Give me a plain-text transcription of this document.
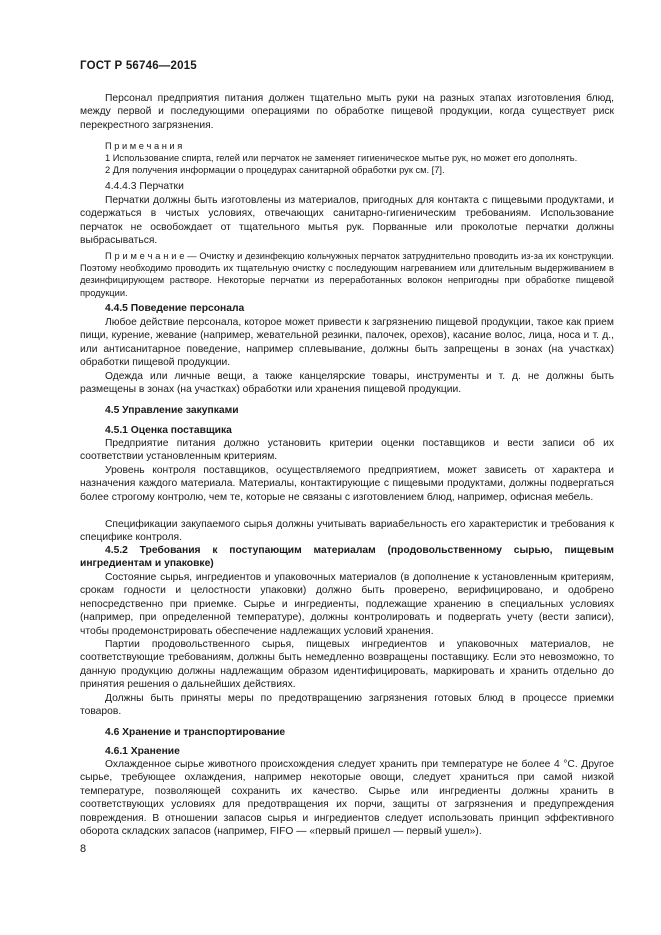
ГОСТ Р 56746—2015

Персонал предприятия питания должен тщательно мыть руки на разных этапах изготовления блюд, между первой и последующими операциями по обработке пищевой продукции, когда существует риск перекрестного загрязнения.

П р и м е ч а н и я

1 Использование спирта, гелей или перчаток не заменяет гигиеническое мытье рук, но может его дополнять.

2 Для получения информации о процедурах санитарной обработки рук см. [7].

4.4.4.3 Перчатки

Перчатки должны быть изготовлены из материалов, пригодных для контакта с пищевыми продуктами, и содержаться в чистых условиях, отвечающих санитарно-гигиеническим требованиям. Использование перчаток не освобождает от тщательного мытья рук. Порванные или проколотые перчатки должны выбрасываться.

П р и м е ч а н и е — Очистку и дезинфекцию кольчужных перчаток затруднительно проводить из-за их конструкции. Поэтому необходимо проводить их тщательную очистку с последующим нагреванием или длительным выдерживанием в дезинфицирующем растворе. Некоторые перчатки из переработанных волокон непригодны при обработке пищевой продукции.

4.4.5 Поведение персонала

Любое действие персонала, которое может привести к загрязнению пищевой продукции, такое как прием пищи, курение, жевание (например, жевательной резинки, палочек, орехов), касание волос, лица, носа и т. д., или антисанитарное поведение, например сплевывание, должны быть запрещены в зонах (на участках) обработки пищевой продукции.

Одежда или личные вещи, а также канцелярские товары, инструменты и т. д. не должны быть размещены в зонах (на участках) обработки или хранения пищевой продукции.

4.5 Управление закупками

4.5.1 Оценка поставщика

Предприятие питания должно установить критерии оценки поставщиков и вести записи об их соответствии установленным критериям.

Уровень контроля поставщиков, осуществляемого предприятием, может зависеть от характера и назначения каждого материала. Материалы, контактирующие с пищевыми продуктами, должны подвергаться более строгому контролю, чем те, которые не связаны с изготовлением блюд, например, офисная мебель.

Спецификации закупаемого сырья должны учитывать вариабельность его характеристик и требования к специфике контроля.

4.5.2 Требования к поступающим материалам (продовольственному сырью, пищевым ингредиентам и упаковке)

Состояние сырья, ингредиентов и упаковочных материалов (в дополнение к установленным критериям, срокам годности и целостности упаковки) должно быть проверено, верифицировано, и одобрено непосредственно при приемке. Сырье и ингредиенты, подлежащие хранению в специальных условиях (например, при определенной температуре), должны контролировать и подвергать учету (вести записи), чтобы продемонстрировать обеспечение надлежащих условий хранения.

Партии продовольственного сырья, пищевых ингредиентов и упаковочных материалов, не соответствующие требованиям, должны быть немедленно возвращены поставщику. Если это невозможно, то данную продукцию должны надлежащим образом идентифицировать, маркировать и хранить отдельно до принятия решения о дальнейших действиях.

Должны быть приняты меры по предотвращению загрязнения готовых блюд в процессе приемки товаров.

4.6 Хранение и транспортирование

4.6.1 Хранение

Охлажденное сырье животного происхождения следует хранить при температуре не более 4 °C. Другое сырье, требующее охлаждения, например некоторые овощи, следует храниться при самой низкой температуре, позволяющей сохранить их качество. Сырье или ингредиенты должны хранить в соответствующих условиях для предотвращения их порчи, защиты от загрязнения и предупреждения повреждения. В отношении запасов сырья и ингредиентов следует использовать принцип эффективного оборота складских запасов (например, FIFO — «первый пришел — первый ушел»).

8
